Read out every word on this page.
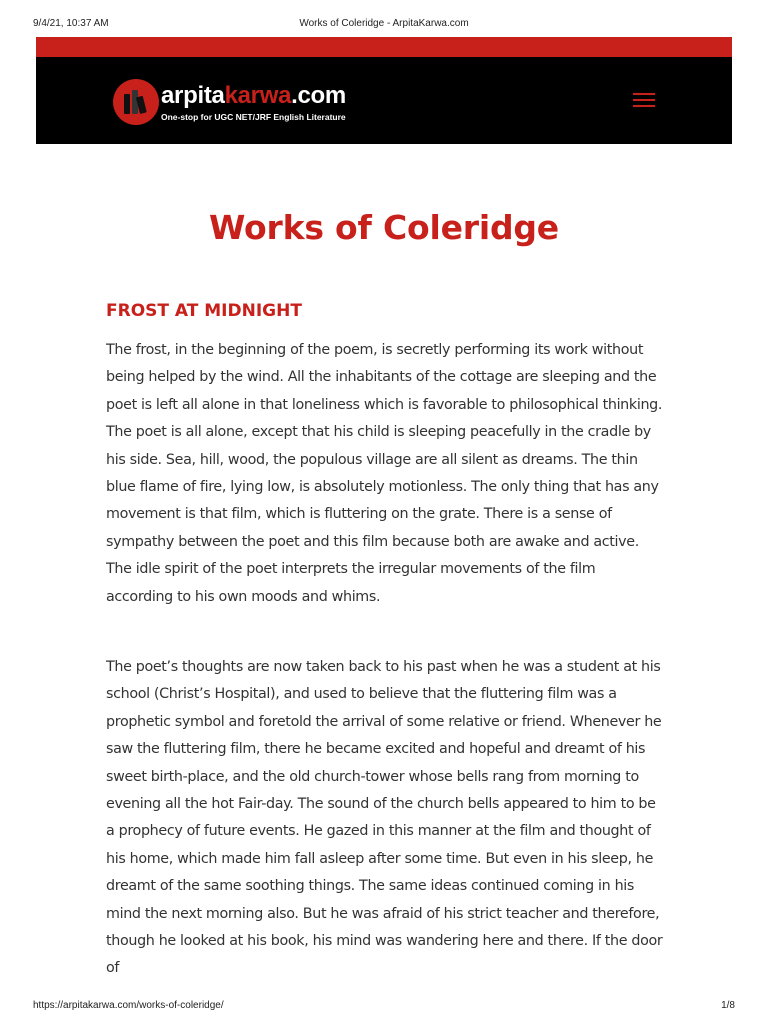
9/4/21, 10:37 AM	Works of Coleridge - ArpitaKarwa.com
arpitakarwa.com
One-stop for UGC NET/JRF English Literature
Works of Coleridge
FROST AT MIDNIGHT

The frost, in the beginning of the poem, is secretly performing its work without being helped by the wind. All the inhabitants of the cottage are sleeping and the poet is left all alone in that loneliness which is favorable to philosophical thinking. The poet is all alone, except that his child is sleeping peacefully in the cradle by his side. Sea, hill, wood, the populous village are all silent as dreams. The thin blue flame of fire, lying low, is absolutely motionless. The only thing that has any movement is that film, which is fluttering on the grate. There is a sense of sympathy between the poet and this film because both are awake and active. The idle spirit of the poet interprets the irregular movements of the film according to his own moods and whims.

The poet’s thoughts are now taken back to his past when he was a student at his school (Christ’s Hospital), and used to believe that the fluttering film was a prophetic symbol and foretold the arrival of some relative or friend. Whenever he saw the fluttering film, there he became excited and hopeful and dreamt of his sweet birth-place, and the old church-tower whose bells rang from morning to evening all the hot Fair-day. The sound of the church bells appeared to him to be a prophecy of future events. He gazed in this manner at the film and thought of his home, which made him fall asleep after some time. But even in his sleep, he dreamt of the same soothing things. The same ideas continued coming in his mind the next morning also. But he was afraid of his strict teacher and therefore, though he looked at his book, his mind was wandering here and there. If the door of

https://arpitakarwa.com/works-of-coleridge/	1/8
